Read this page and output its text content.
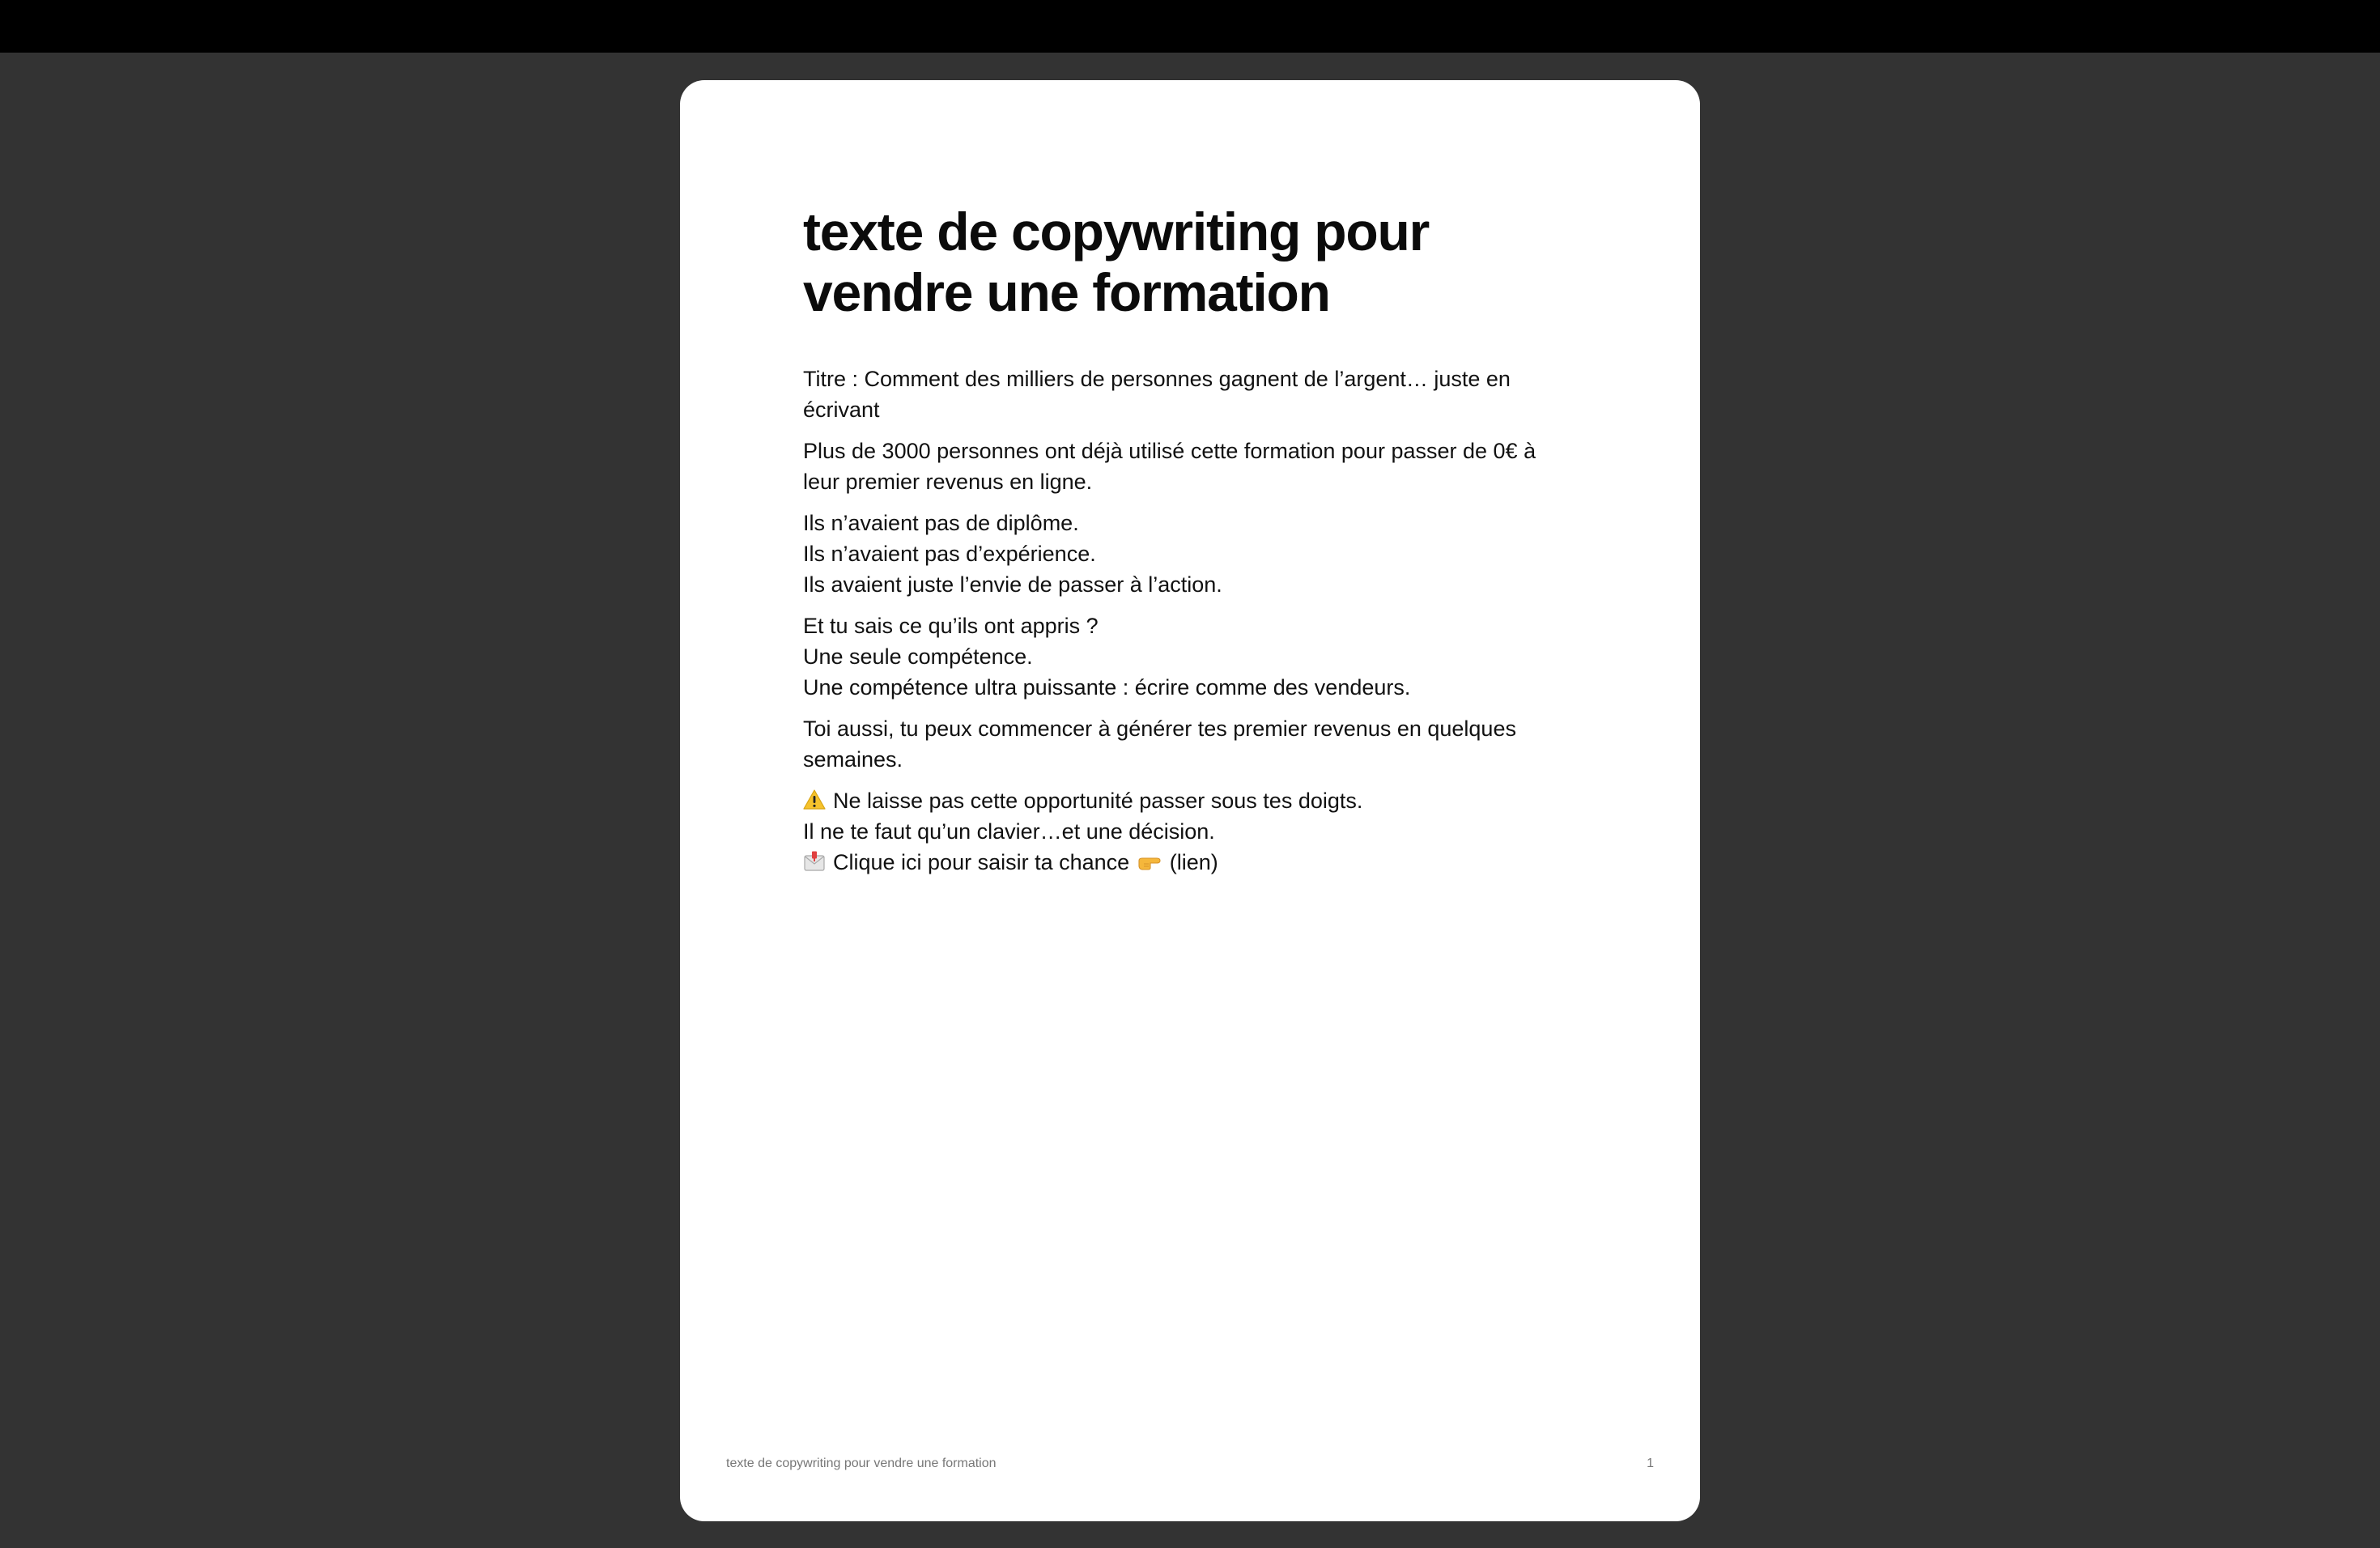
texte de copywriting pour vendre une formation

Titre : Comment des milliers de personnes gagnent de l’argent… juste en écrivant

Plus de 3000 personnes ont déjà utilisé cette formation pour passer de 0€ à leur premier revenus en ligne.

Ils n’avaient pas de diplôme.
Ils n’avaient pas d’expérience.
Ils avaient juste l’envie de passer à l’action.

Et tu sais ce qu’ils ont appris ?
Une seule compétence.
Une compétence ultra puissante : écrire comme des vendeurs.

Toi aussi, tu peux commencer à générer tes premier revenus en quelques semaines.

Ne laisse pas cette opportunité passer sous tes doigts.
Il ne te faut qu’un clavier…et une décision.
Clique ici pour saisir ta chance (lien)

texte de copywriting pour vendre une formation	1
